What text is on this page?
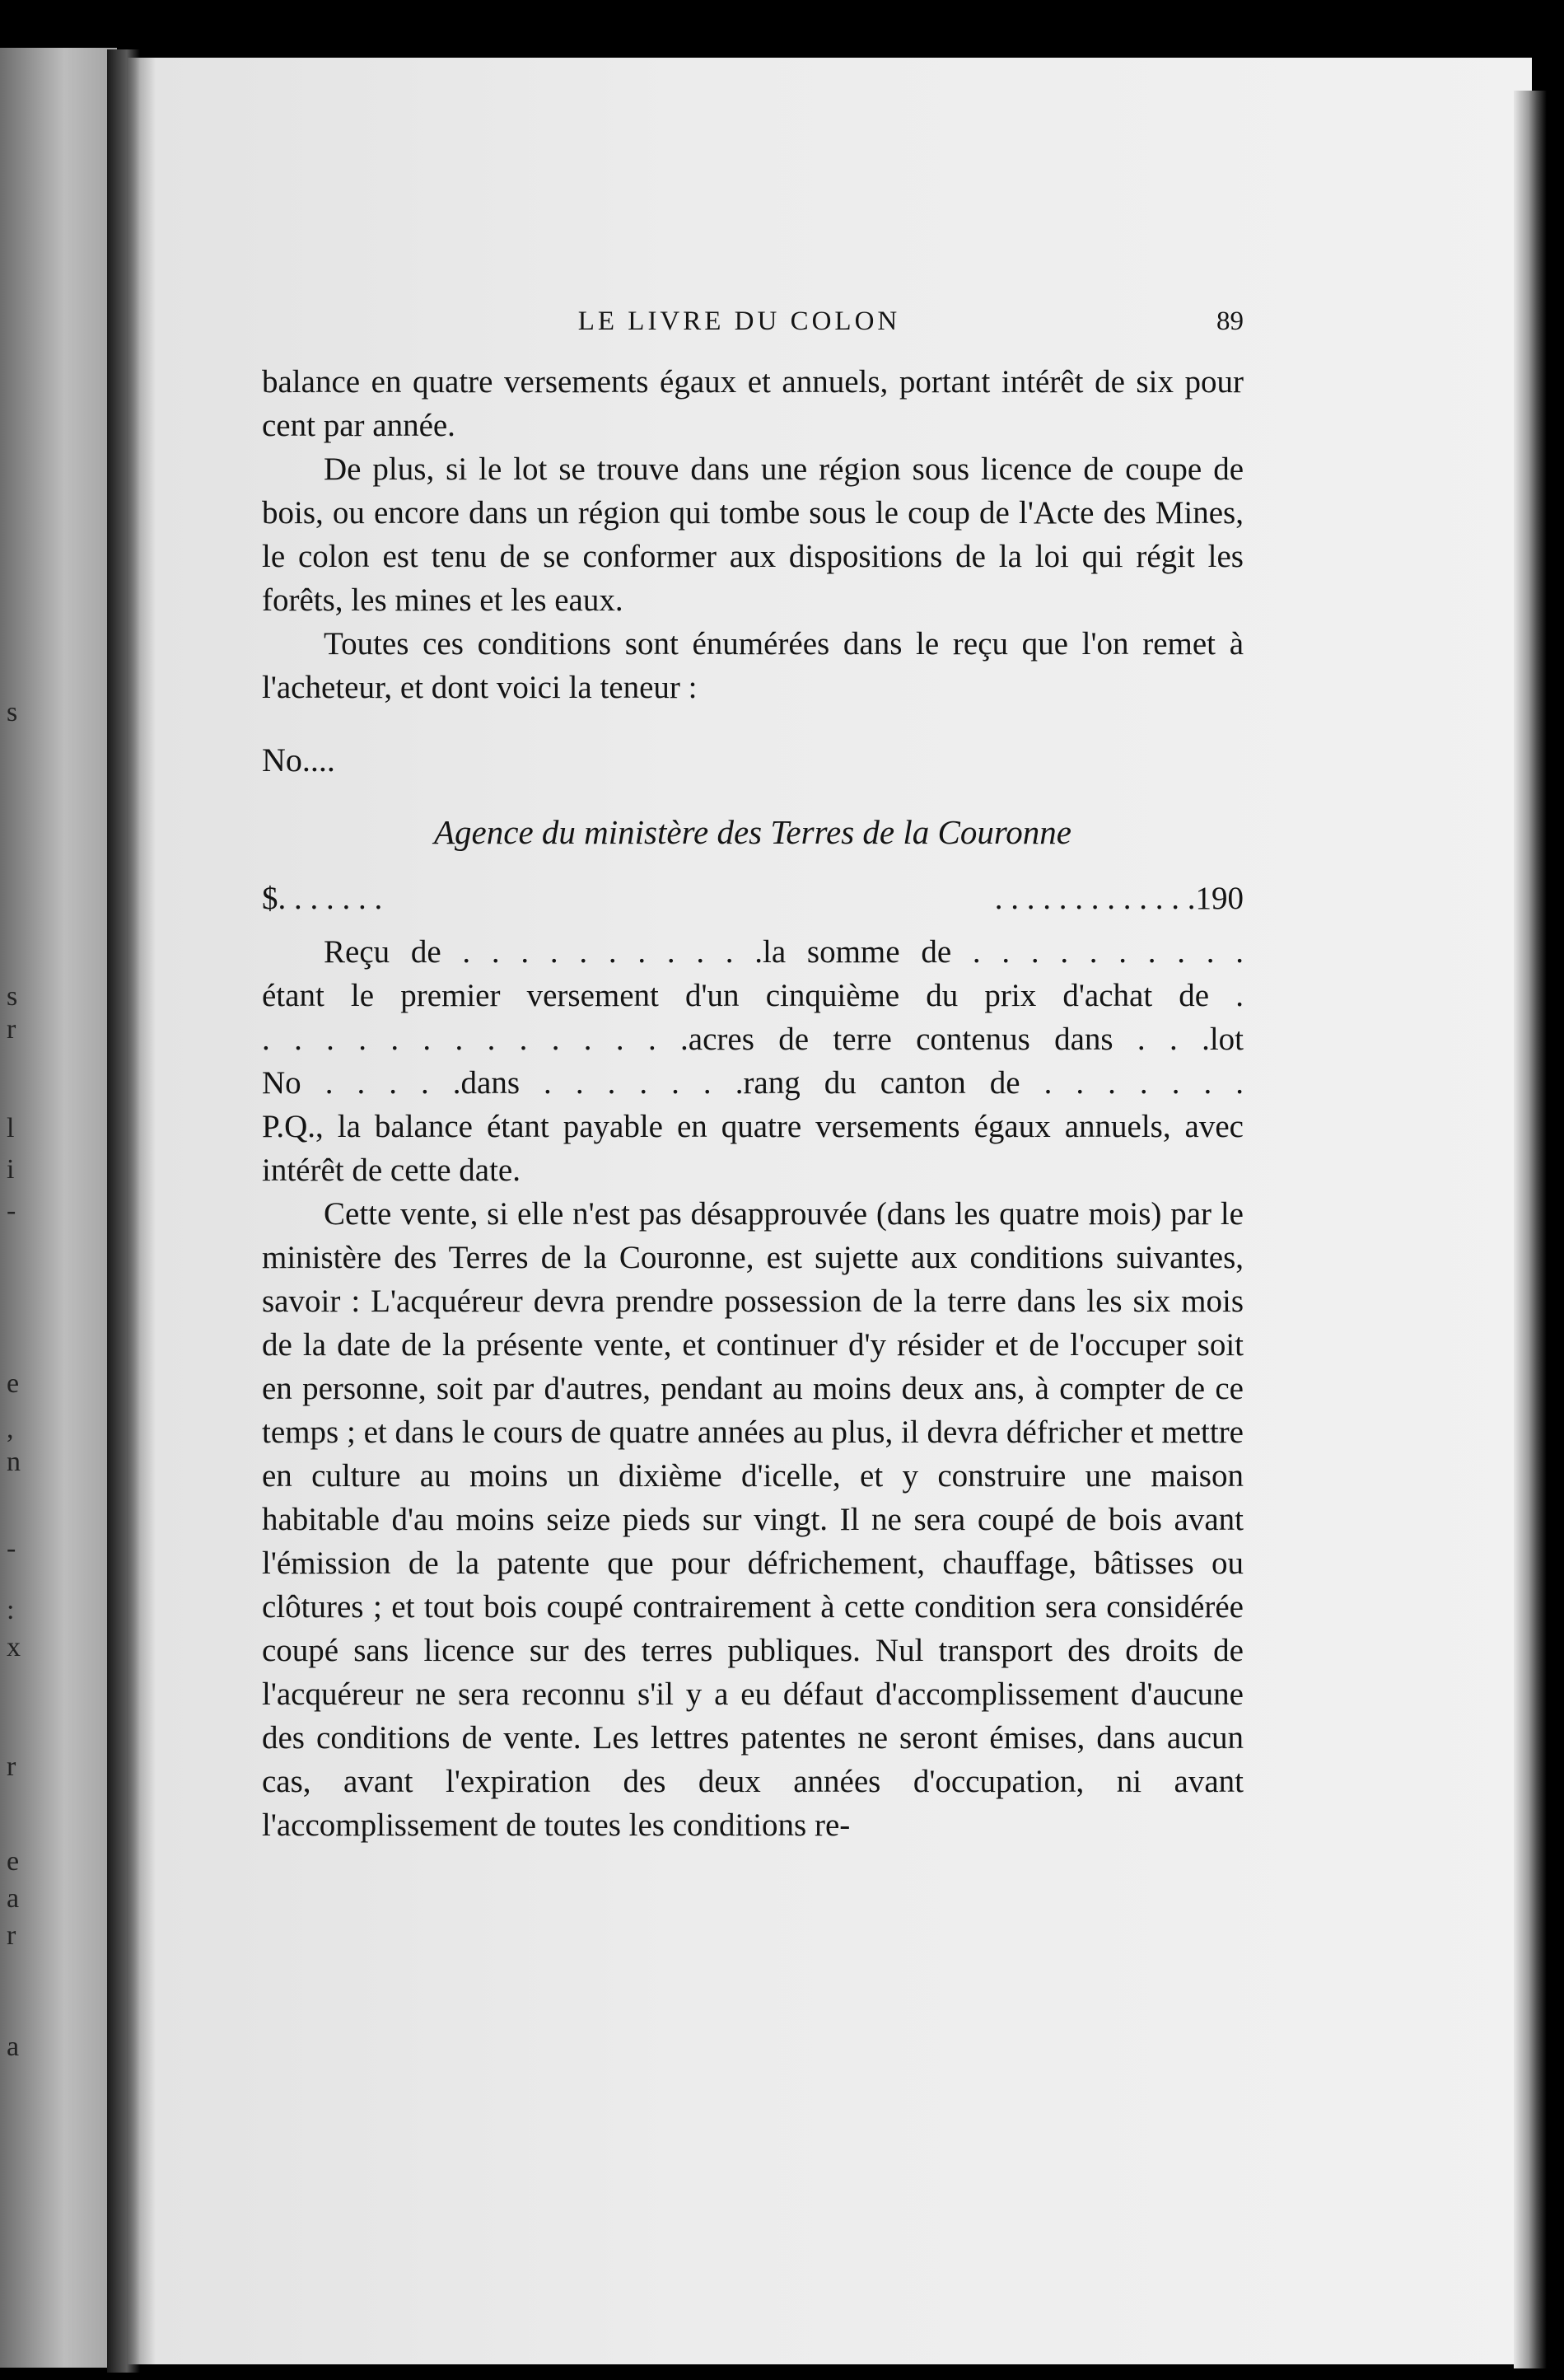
s
s
r
l
i
-
e
,
n
-
:
x
r
e
a
r
a
LE LIVRE DU COLON	89

balance en quatre versements égaux et annuels, portant intérêt de six pour cent par année.

De plus, si le lot se trouve dans une région sous licence de coupe de bois, ou encore dans un région qui tombe sous le coup de l'Acte des Mines, le colon est tenu de se conformer aux dispositions de la loi qui régit les forêts, les mines et les eaux.

Toutes ces conditions sont énumérées dans le reçu que l'on remet à l'acheteur, et dont voici la teneur :

No....
Agence du ministère des Terres de la Couronne
$. . . . . . .	. . . . . . . . . . . . .190

Reçu de . . . . . . . . . . .la somme de . . . . . . . . . .

étant le premier versement d'un cinquième du prix d'achat de .

. . . . . . . . . . . . . .acres de terre contenus dans . . .lot

No . . . . .dans . . . . . . .rang du canton de . . . . . . .

P.Q., la balance étant payable en quatre versements égaux annuels, avec intérêt de cette date.

Cette vente, si elle n'est pas désapprouvée (dans les quatre mois) par le ministère des Terres de la Couronne, est sujette aux conditions suivantes, savoir : L'acquéreur devra prendre possession de la terre dans les six mois de la date de la présente vente, et continuer d'y résider et de l'occuper soit en personne, soit par d'autres, pendant au moins deux ans, à compter de ce temps ; et dans le cours de quatre années au plus, il devra défricher et mettre en culture au moins un dixième d'icelle, et y construire une maison habitable d'au moins seize pieds sur vingt. Il ne sera coupé de bois avant l'émission de la patente que pour défrichement, chauffage, bâtisses ou clôtures ; et tout bois coupé contrairement à cette condition sera considérée coupé sans licence sur des terres publiques. Nul transport des droits de l'acquéreur ne sera reconnu s'il y a eu défaut d'accomplissement d'aucune des conditions de vente. Les lettres patentes ne seront émises, dans aucun cas, avant l'expiration des deux années d'occupation, ni avant l'accomplissement de toutes les conditions re-
